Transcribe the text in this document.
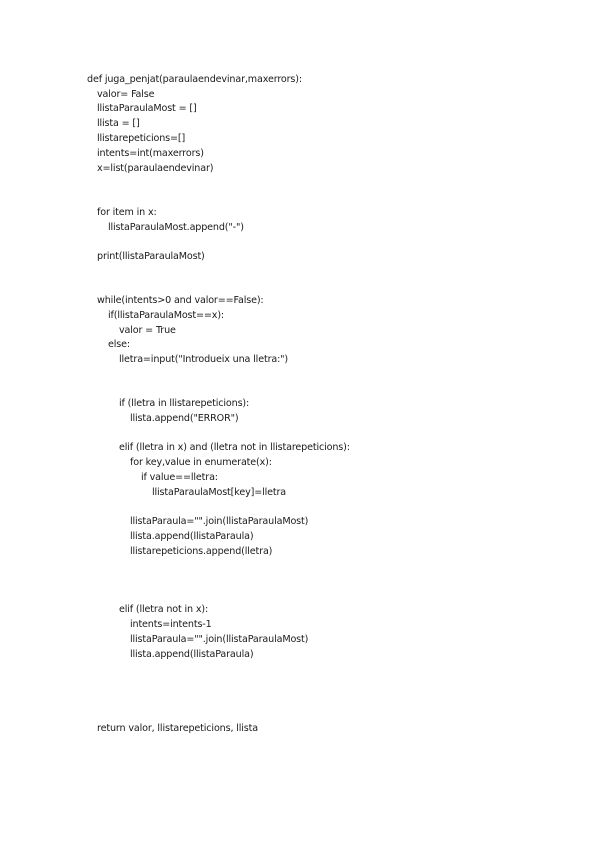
def juga_penjat(paraulaendevinar,maxerrors):
valor= False
llistaParaulaMost = []
llista = []
llistarepeticions=[]
intents=int(maxerrors)
x=list(paraulaendevinar)
for item in x:
llistaParaulaMost.append("-")
print(llistaParaulaMost)
while(intents>0 and valor==False):
if(llistaParaulaMost==x):
valor = True
else:
lletra=input("Introdueix una lletra:")
if (lletra in llistarepeticions):
llista.append("ERROR")
elif (lletra in x) and (lletra not in llistarepeticions):
for key,value in enumerate(x):
if value==lletra:
llistaParaulaMost[key]=lletra
llistaParaula="".join(llistaParaulaMost)
llista.append(llistaParaula)
llistarepeticions.append(lletra)
elif (lletra not in x):
intents=intents-1
llistaParaula="".join(llistaParaulaMost)
llista.append(llistaParaula)
return valor, llistarepeticions, llista
